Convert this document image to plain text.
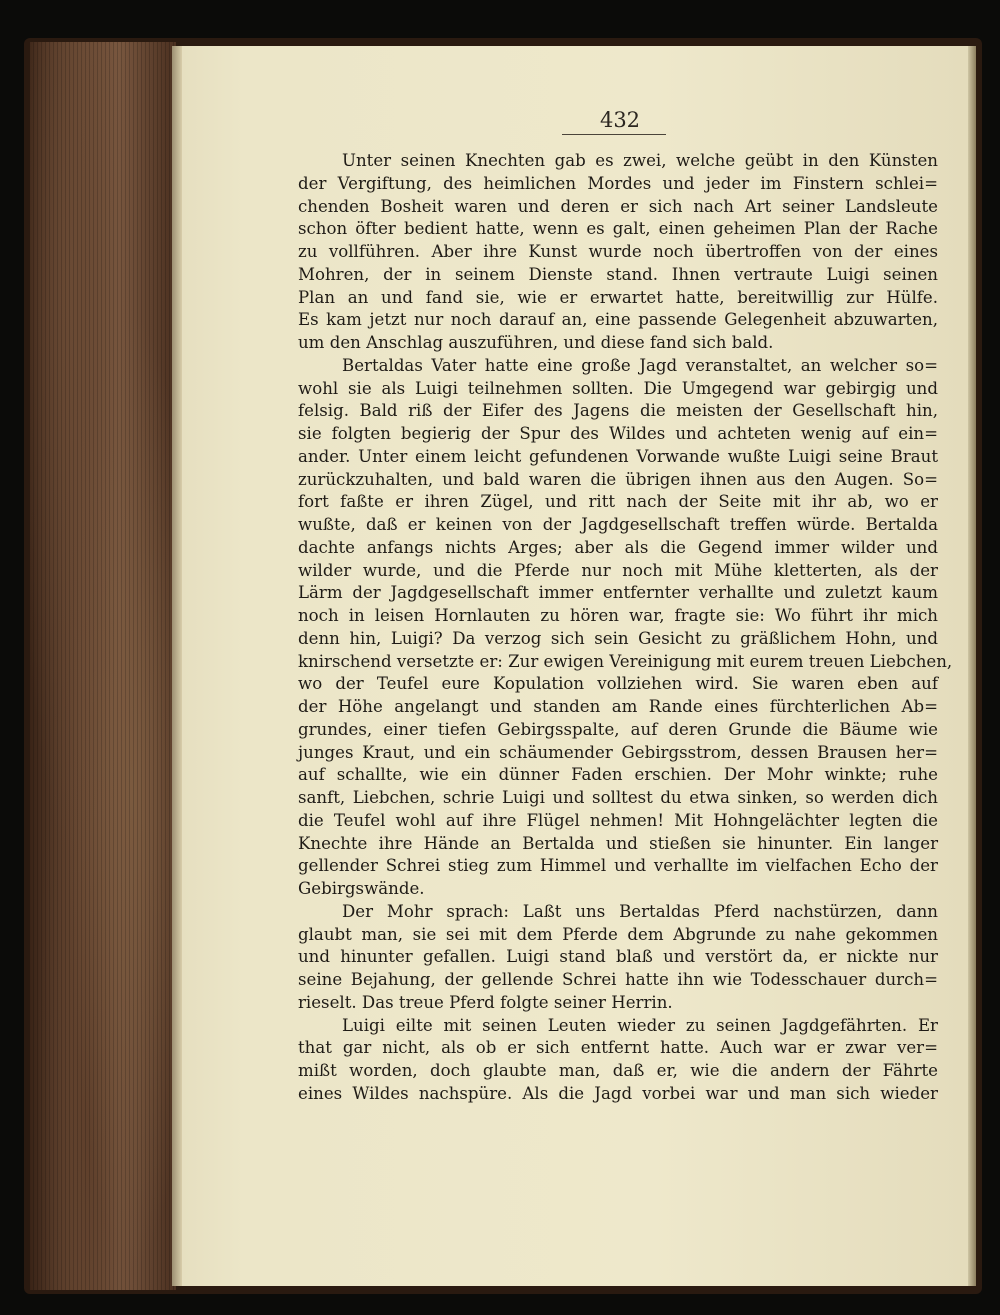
432
Unter seinen Knechten gab es zwei, welche geübt in den Künsten
der Vergiftung, des heimlichen Mordes und jeder im Finstern schlei=
chenden Bosheit waren und deren er sich nach Art seiner Landsleute
schon öfter bedient hatte, wenn es galt, einen geheimen Plan der Rache
zu vollführen. Aber ihre Kunst wurde noch übertroffen von der eines
Mohren, der in seinem Dienste stand. Ihnen vertraute Luigi seinen
Plan an und fand sie, wie er erwartet hatte, bereitwillig zur Hülfe.
Es kam jetzt nur noch darauf an, eine passende Gelegenheit abzuwarten,
um den Anschlag auszuführen, und diese fand sich bald.
Bertaldas Vater hatte eine große Jagd veranstaltet, an welcher so=
wohl sie als Luigi teilnehmen sollten. Die Umgegend war gebirgig und
felsig. Bald riß der Eifer des Jagens die meisten der Gesellschaft hin,
sie folgten begierig der Spur des Wildes und achteten wenig auf ein=
ander. Unter einem leicht gefundenen Vorwande wußte Luigi seine Braut
zurückzuhalten, und bald waren die übrigen ihnen aus den Augen. So=
fort faßte er ihren Zügel, und ritt nach der Seite mit ihr ab, wo er
wußte, daß er keinen von der Jagdgesellschaft treffen würde. Bertalda
dachte anfangs nichts Arges; aber als die Gegend immer wilder und
wilder wurde, und die Pferde nur noch mit Mühe kletterten, als der
Lärm der Jagdgesellschaft immer entfernter verhallte und zuletzt kaum
noch in leisen Hornlauten zu hören war, fragte sie: Wo führt ihr mich
denn hin, Luigi? Da verzog sich sein Gesicht zu gräßlichem Hohn, und
knirschend versetzte er: Zur ewigen Vereinigung mit eurem treuen Liebchen,
wo der Teufel eure Kopulation vollziehen wird. Sie waren eben auf
der Höhe angelangt und standen am Rande eines fürchterlichen Ab=
grundes, einer tiefen Gebirgsspalte, auf deren Grunde die Bäume wie
junges Kraut, und ein schäumender Gebirgsstrom, dessen Brausen her=
auf schallte, wie ein dünner Faden erschien. Der Mohr winkte; ruhe
sanft, Liebchen, schrie Luigi und solltest du etwa sinken, so werden dich
die Teufel wohl auf ihre Flügel nehmen! Mit Hohngelächter legten die
Knechte ihre Hände an Bertalda und stießen sie hinunter. Ein langer
gellender Schrei stieg zum Himmel und verhallte im vielfachen Echo der
Gebirgswände.
Der Mohr sprach: Laßt uns Bertaldas Pferd nachstürzen, dann
glaubt man, sie sei mit dem Pferde dem Abgrunde zu nahe gekommen
und hinunter gefallen. Luigi stand blaß und verstört da, er nickte nur
seine Bejahung, der gellende Schrei hatte ihn wie Todesschauer durch=
rieselt. Das treue Pferd folgte seiner Herrin.
Luigi eilte mit seinen Leuten wieder zu seinen Jagdgefährten. Er
that gar nicht, als ob er sich entfernt hatte. Auch war er zwar ver=
mißt worden, doch glaubte man, daß er, wie die andern der Fährte
eines Wildes nachspüre. Als die Jagd vorbei war und man sich wieder
